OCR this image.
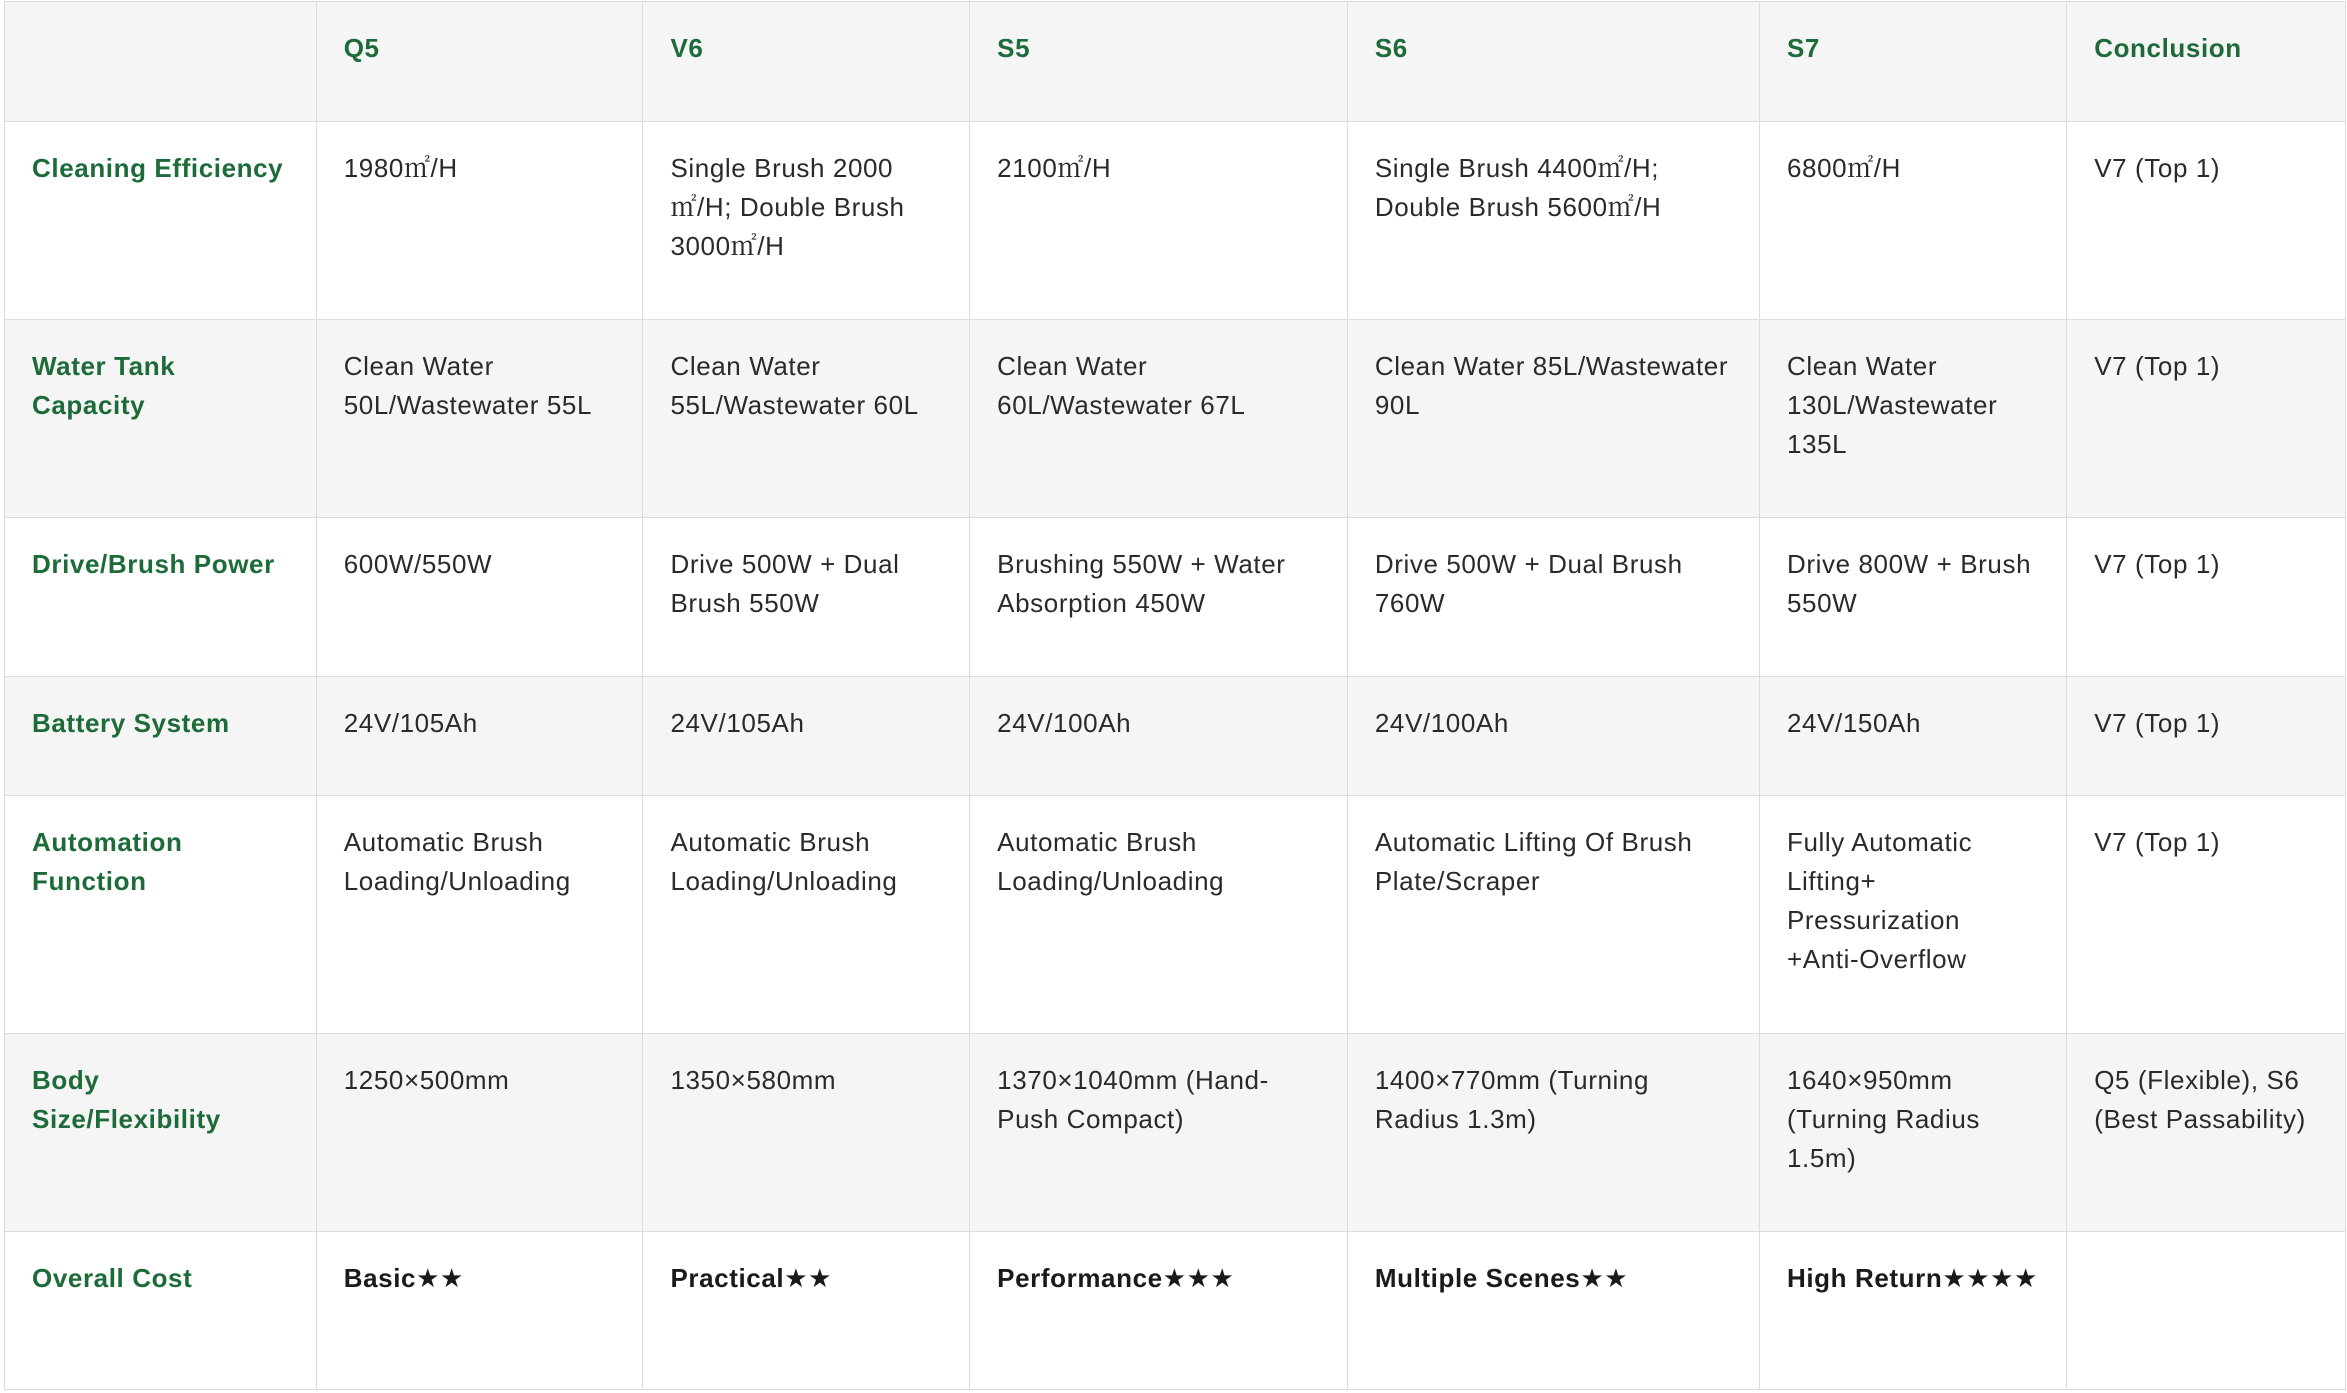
	Q5	V6	S5	S6	S7	Conclusion
Cleaning Efficiency	1980㎡/H	Single Brush 2000㎡/H; Double Brush 3000㎡/H	2100㎡/H	Single Brush 4400㎡/H; Double Brush 5600㎡/H	6800㎡/H	V7 (Top 1)
Water Tank Capacity	Clean Water 50L/Wastewater 55L	Clean Water 55L/Wastewater 60L	Clean Water 60L/Wastewater 67L	Clean Water 85L/Wastewater 90L	Clean Water 130L/Wastewater 135L	V7 (Top 1)
Drive/Brush Power	600W/550W	Drive 500W + Dual Brush 550W	Brushing 550W + Water Absorption 450W	Drive 500W + Dual Brush 760W	Drive 800W + Brush 550W	V7 (Top 1)
Battery System	24V/105Ah	24V/105Ah	24V/100Ah	24V/100Ah	24V/150Ah	V7 (Top 1)
Automation Function	Automatic Brush Loading/Unloading	Automatic Brush Loading/Unloading	Automatic Brush Loading/Unloading	Automatic Lifting Of Brush Plate/Scraper	Fully Automatic Lifting+ Pressurization +Anti-Overflow	V7 (Top 1)
Body Size/Flexibility	1250×500mm	1350×580mm	1370×1040mm (Hand-Push Compact)	1400×770mm (Turning Radius 1.3m)	1640×950mm (Turning Radius 1.5m)	Q5 (Flexible), S6 (Best Passability)
Overall Cost	Basic★★	Practical★★	Performance★★★	Multiple Scenes★★	High Return★★★★	
